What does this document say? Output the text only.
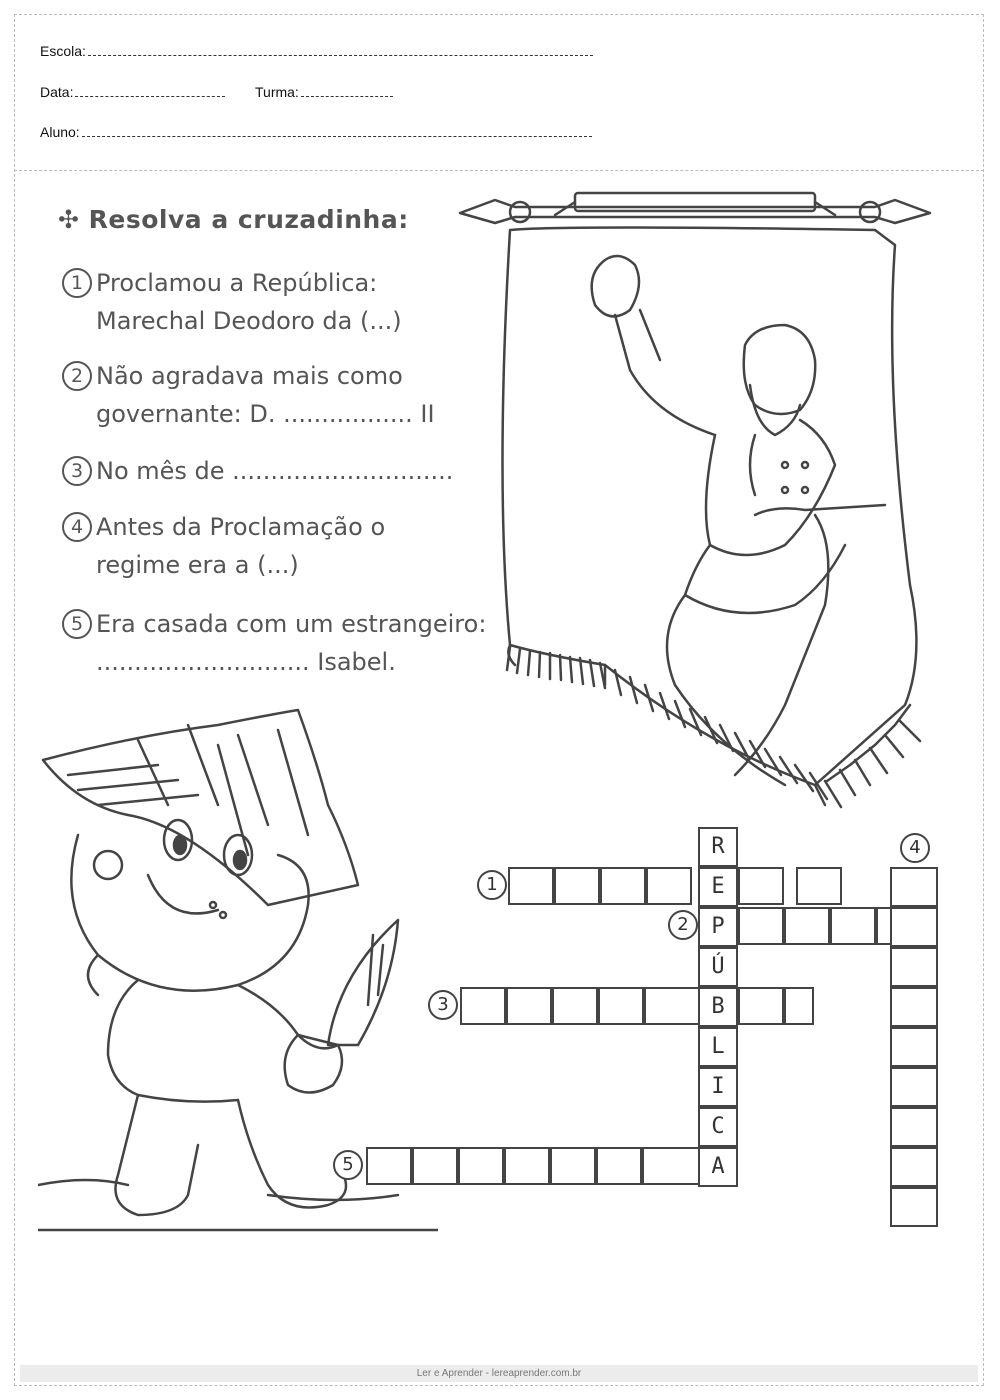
Escola:
Data:	Turma:
Aluno:
✣ Resolva a cruzadinha:
1 Proclamou a República:
Marechal Deodoro da (...)
2 Não agradava mais como
governante: D. ................. II
3 No mês de .............................
4 Antes da Proclamação o
regime era a (...)
5 Era casada com um estrangeiro:
............................ Isabel.
R
E
P
Ú
B
L
I
C
A
1
2
3
5
4
Ler e Aprender - lereaprender.com.br
